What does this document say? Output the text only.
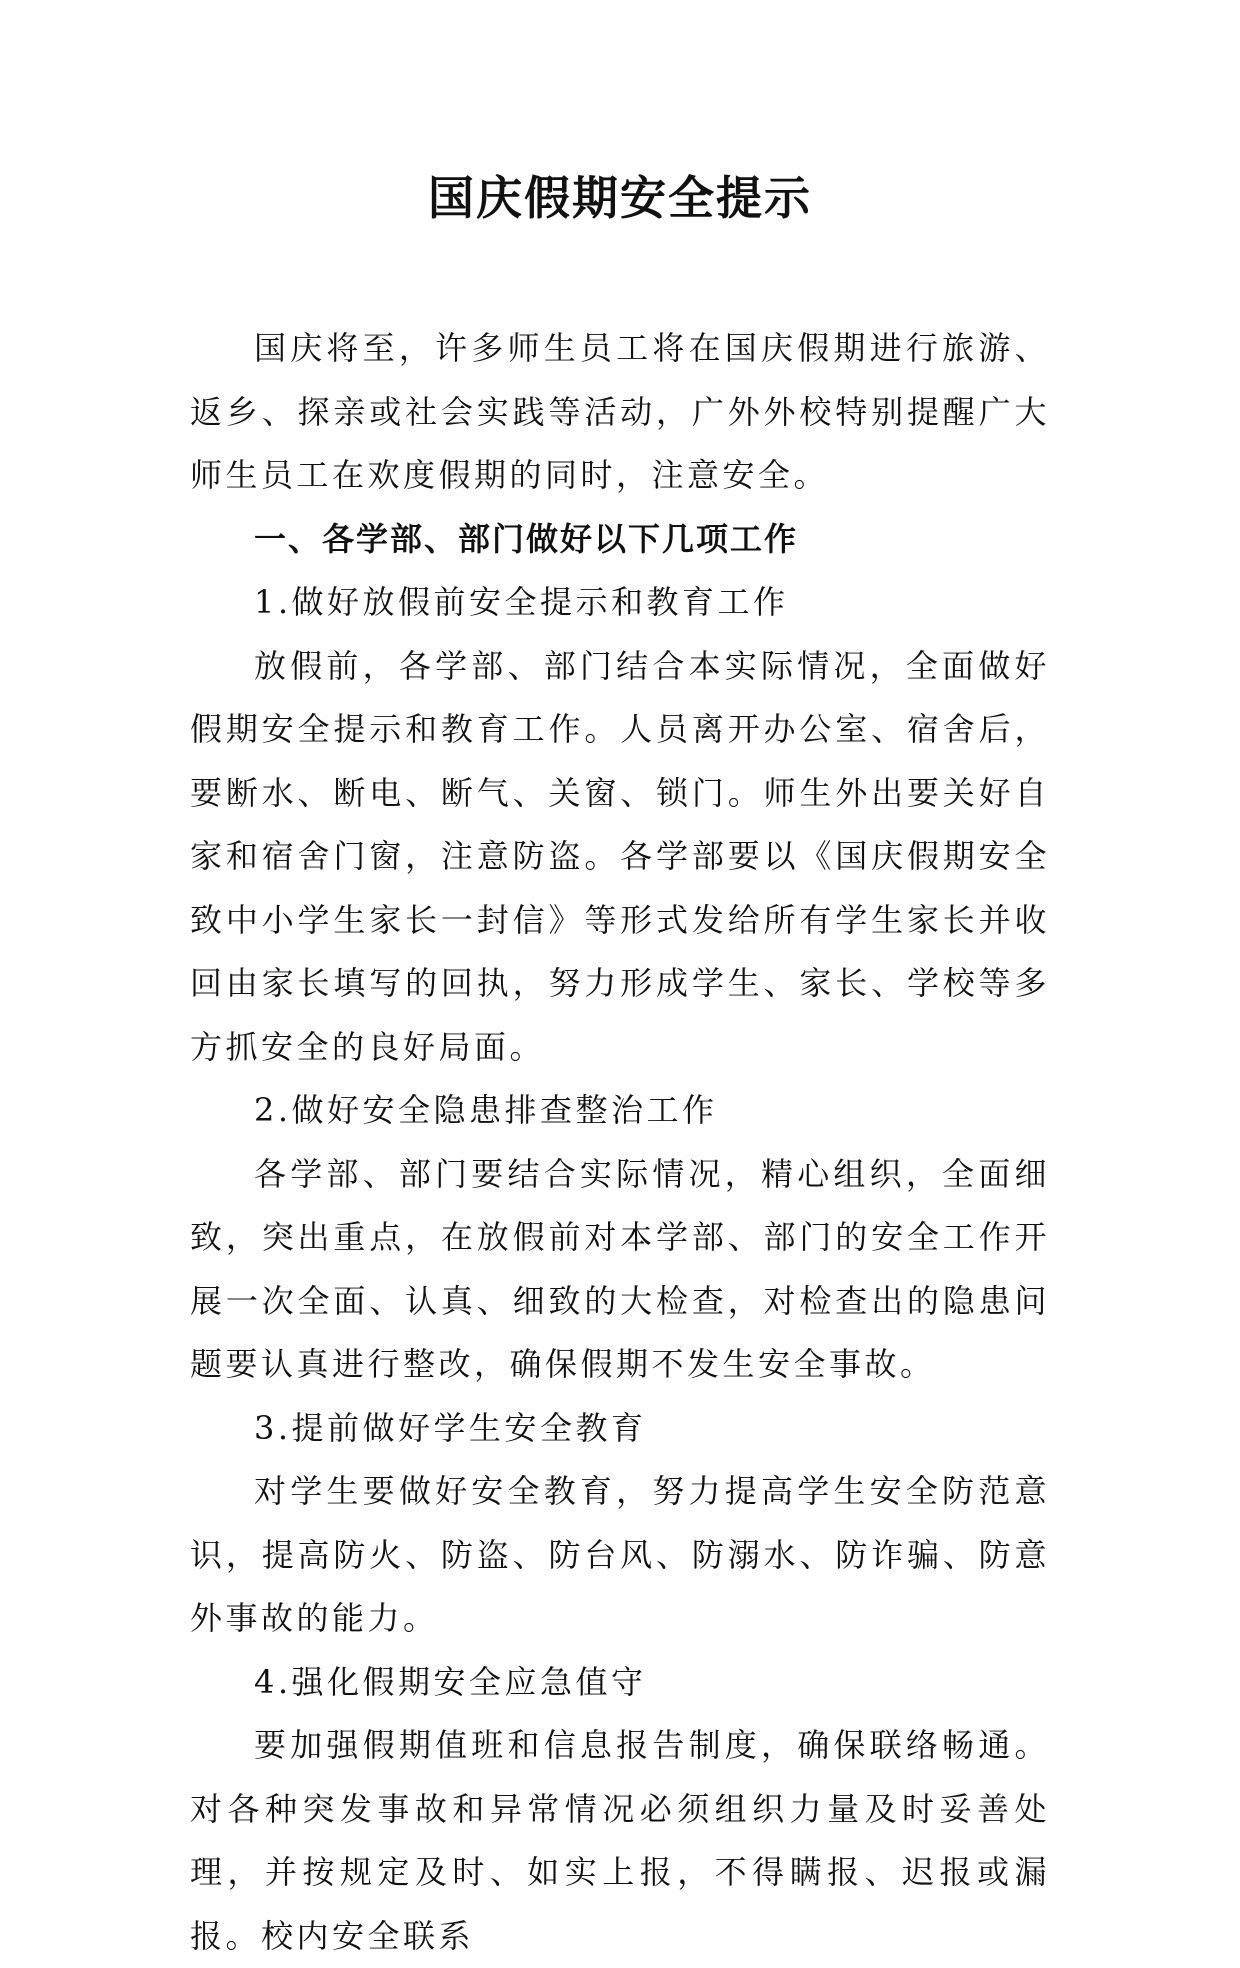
国庆假期安全提示

国庆将至，许多师生员工将在国庆假期进行旅游、返乡、探亲或社会实践等活动，广外外校特别提醒广大师生员工在欢度假期的同时，注意安全。

一、各学部、部门做好以下几项工作

1.做好放假前安全提示和教育工作

放假前，各学部、部门结合本实际情况，全面做好假期安全提示和教育工作。人员离开办公室、宿舍后，要断水、断电、断气、关窗、锁门。师生外出要关好自家和宿舍门窗，注意防盗。各学部要以《国庆假期安全致中小学生家长一封信》等形式发给所有学生家长并收回由家长填写的回执，努力形成学生、家长、学校等多方抓安全的良好局面。

2.做好安全隐患排查整治工作

各学部、部门要结合实际情况，精心组织，全面细致，突出重点，在放假前对本学部、部门的安全工作开展一次全面、认真、细致的大检查，对检查出的隐患问题要认真进行整改，确保假期不发生安全事故。

3.提前做好学生安全教育

对学生要做好安全教育，努力提高学生安全防范意识，提高防火、防盗、防台风、防溺水、防诈骗、防意外事故的能力。

4.强化假期安全应急值守

要加强假期值班和信息报告制度，确保联络畅通。对各种突发事故和异常情况必须组织力量及时妥善处理，并按规定及时、如实上报，不得瞒报、迟报或漏报。校内安全联系
